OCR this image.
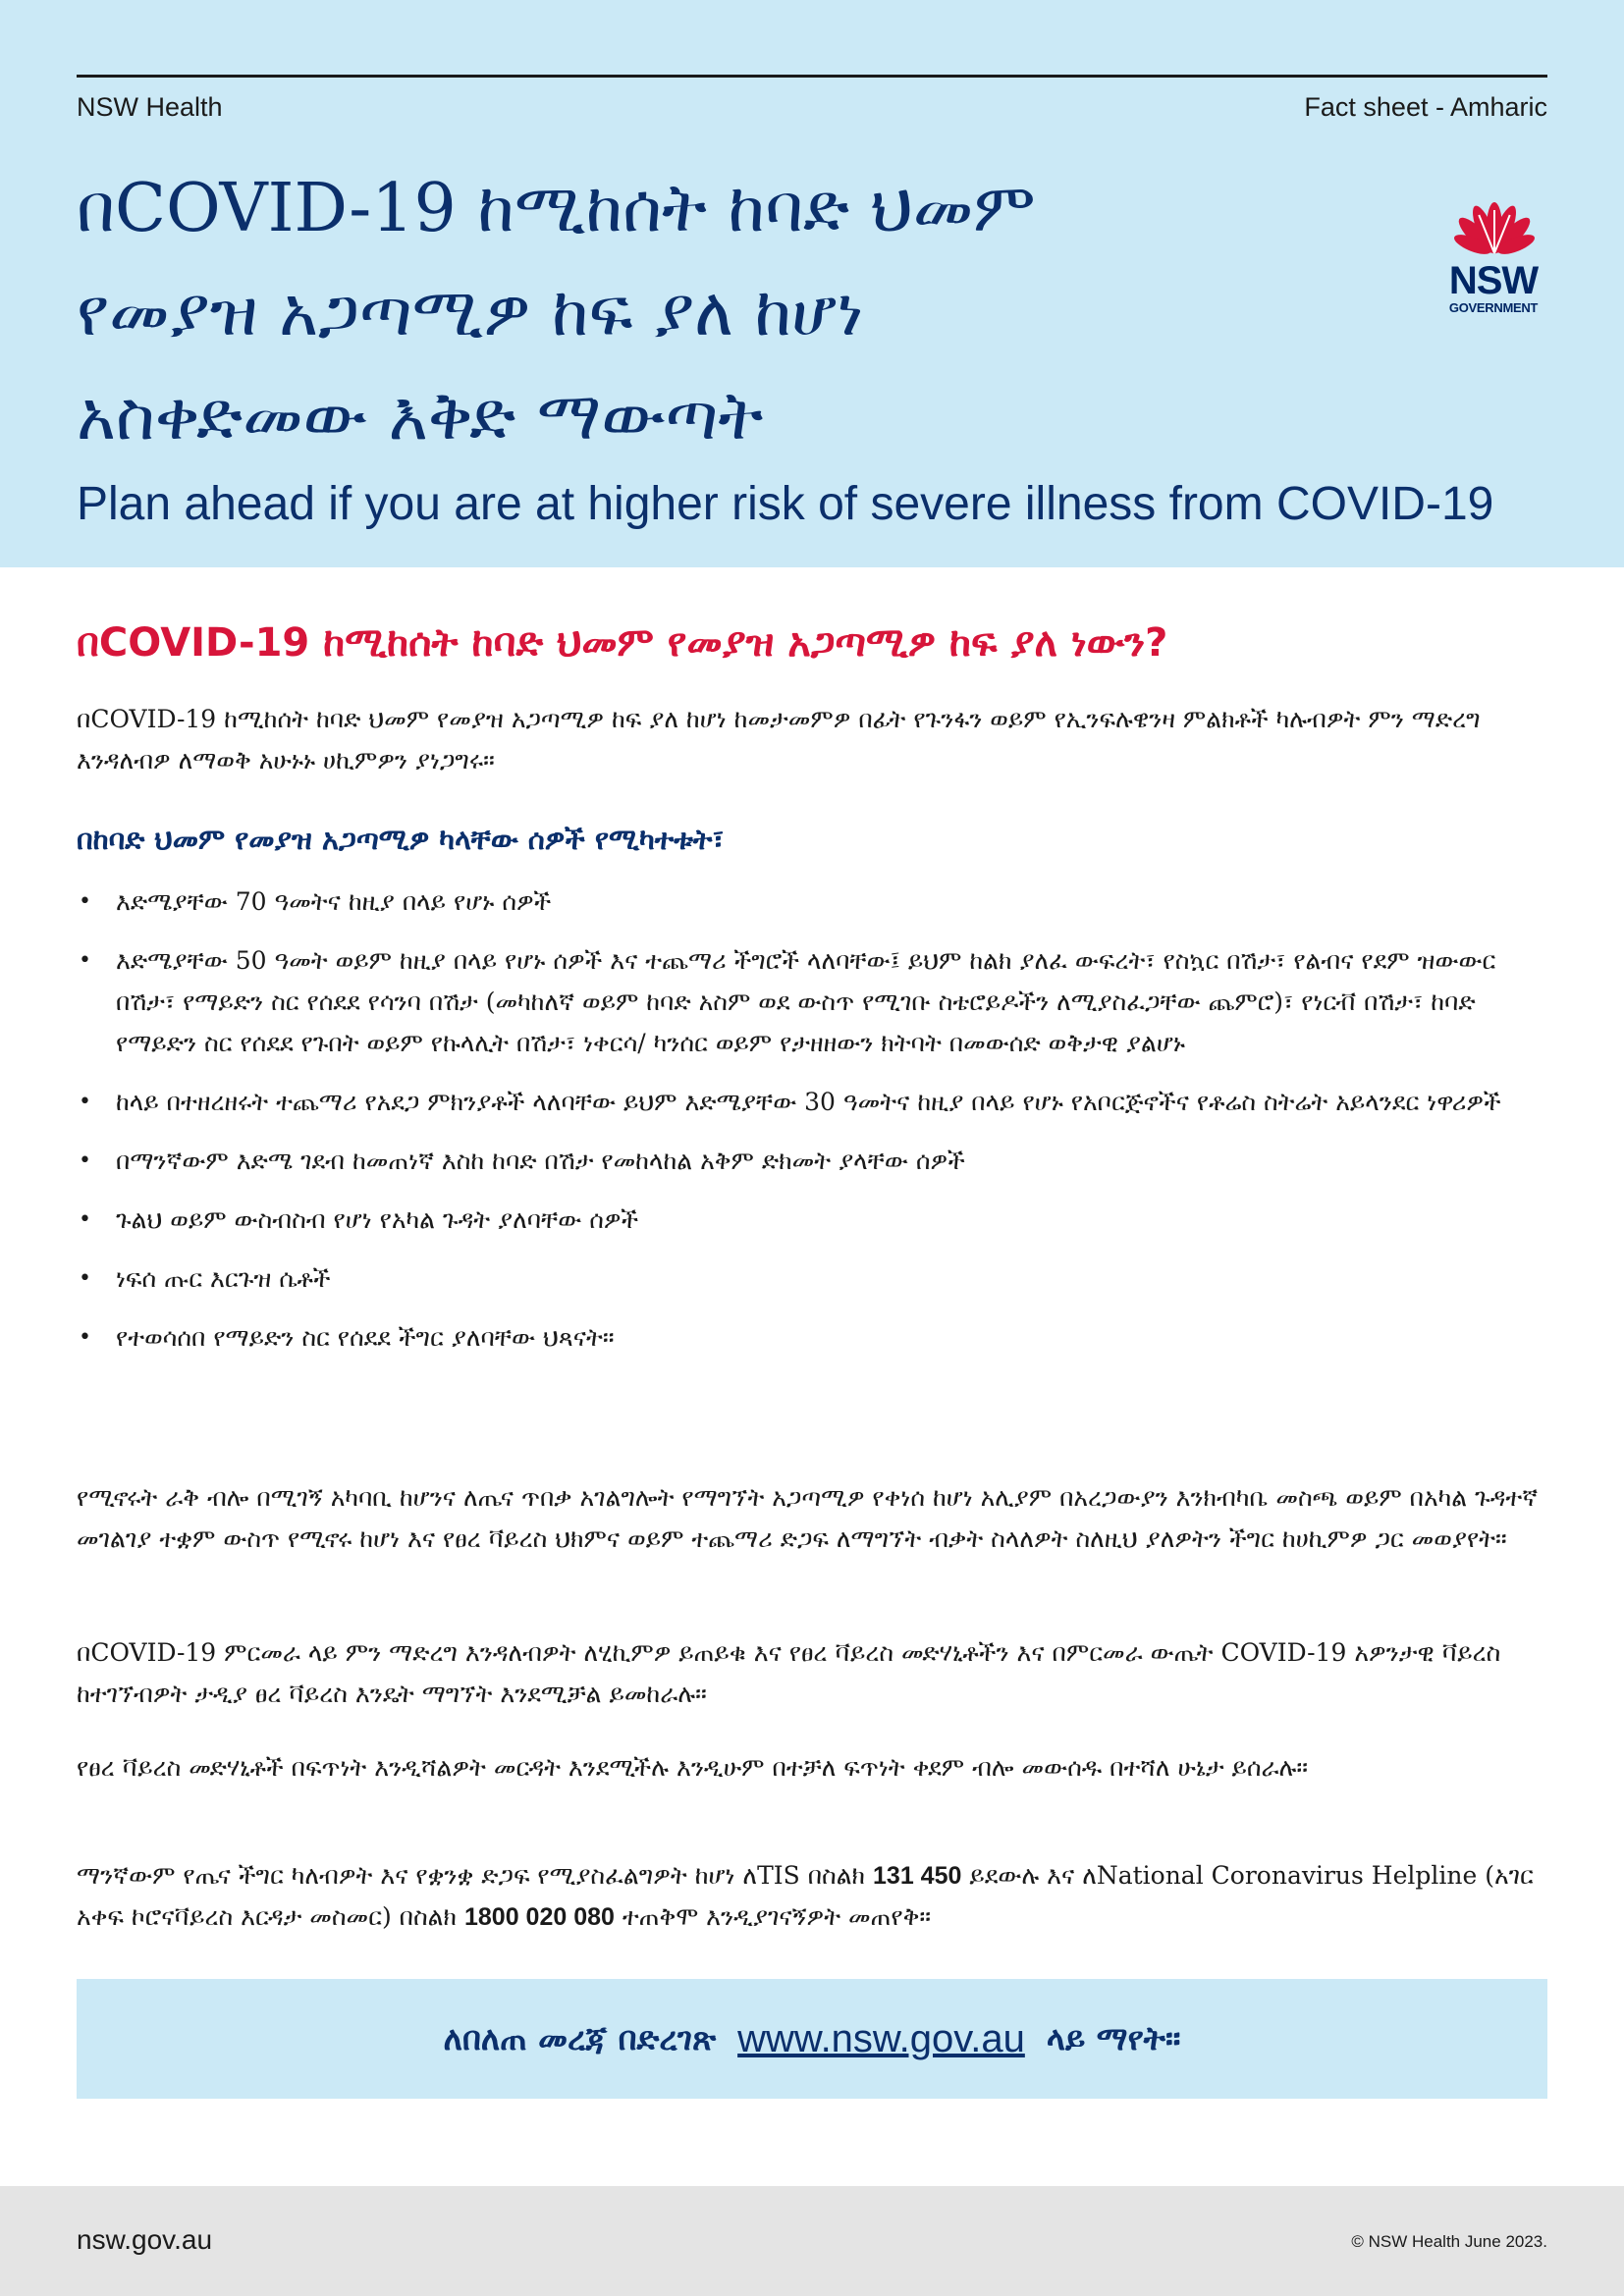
NSW Health	Fact sheet - Amharic
በCOVID-19 ከሚከሰት ከባድ ህመም
የመያዝ አጋጣሚዎ ከፍ ያለ ከሆነ
አስቀድመው እቅድ ማውጣት
Plan ahead if you are at higher risk of severe illness from COVID-19
NSW
GOVERNMENT
በCOVID-19 ከሚከሰት ከባድ ህመም የመያዝ አጋጣሚዎ ከፍ ያለ ነውን?
በCOVID-19 ከሚከሰት ከባድ ህመም የመያዝ አጋጣሚዎ ከፍ ያለ ከሆነ ከመታመምዎ በፊት የጉንፋን ወይም የኢንፍሉዌንዛ ምልክቶች ካሉብዎት ምን ማድረግ እንዳለብዎ ለማወቅ አሁኑኑ ሀኪምዎን ያነጋግሩ።
በከባድ ህመም የመያዝ አጋጣሚዎ ካላቸው ሰዎች የሚካተቱት፣
• እድሜያቸው 70 ዓመትና ከዚያ በላይ የሆኑ ሰዎች
• እድሜያቸው 50 ዓመት ወይም ከዚያ በላይ የሆኑ ሰዎች እና ተጨማሪ ችግሮች ላለባቸው፤ ይህም ከልክ ያለፈ ውፍረት፣ የስኳር በሽታ፣ የልብና የደም ዝውውር በሽታ፣ የማይድን ስር የሰደደ የሳንባ በሽታ (መካከለኛ ወይም ከባድ አስም ወደ ውስጥ የሚገቡ ስቴሮይዶችን ለሚያስፈጋቸው ጨምሮ)፣ የነርቭ በሽታ፣ ከባድ የማይድን ስር የሰደደ የጉበት ወይም የኩላሊት በሽታ፣ ነቀርሳ/ ካንሰር ወይም የታዘዘውን ክትባት በመውሰድ ወቅታዊ ያልሆኑ
• ከላይ በተዘረዘሩት ተጨማሪ የአደጋ ምክንያቶች ላለባቸው ይህም እድሜያቸው 30 ዓመትና ከዚያ በላይ የሆኑ የአቦርጅኖችና የቶሬስ ስትሬት አይላንደር ነዋሪዎች
• በማንኛውም እድሜ ገደብ ከመጠነኛ እስከ ከባድ በሽታ የመከላከል አቅም ድክመት ያላቸው ሰዎች
• ጉልህ ወይም ውስብስብ የሆነ የአካል ጉዳት ያለባቸው ሰዎች
• ነፍሰ ጡር እርጉዝ ሴቶች
• የተወሳሰበ የማይድን ስር የሰደደ ችግር ያለባቸው ህጻናት።
የሚኖሩት ራቅ ብሎ በሚገኝ አካባቢ ከሆንና ለጤና ጥበቃ አገልግሎት የማግኘት አጋጣሚዎ የቀነሰ ከሆነ አሊያም በአረጋውያን እንክብካቤ መስጫ ወይም በአካል ጉዳተኛ መገልገያ ተቋም ውስጥ የሚኖሩ ከሆነ እና የፀረ ቫይረስ ህክምና ወይም ተጨማሪ ድጋፍ ለማግኘት ብቃት ስላለዎት ስለዚህ ያለዎትን ችግር ከሀኪምዎ ጋር መወያየት።
በCOVID-19 ምርመራ ላይ ምን ማድረግ እንዳለብዎት ለሂኪምዎ ይጠይቁ እና የፀረ ቫይረስ መድሃኒቶችን እና በምርመራ ውጤት COVID-19 አዎንታዊ ቫይረስ ከተገኘብዎት ታዲያ ፀረ ቫይረስ እንዴት ማግኘት እንደሚቻል ይመከራሉ።
የፀረ ቫይረስ መድሃኒቶች በፍጥነት እንዲሻልዎት መርዳት እንደሚችሉ እንዲሁም በተቻለ ፍጥነት ቀደም ብሎ መውሰዱ በተሻለ ሁኔታ ይሰራሉ።
ማንኛውም የጤና ችግር ካለብዎት እና የቋንቋ ድጋፍ የሚያስፈልግዎት ከሆነ ለTIS በስልክ 131 450 ይደውሉ እና ለNational Coronavirus Helpline (አገር አቀፍ ኮሮናቫይረስ እርዳታ መስመር) በስልክ 1800 020 080 ተጠቅሞ እንዲያገናኝዎት መጠየቅ።
ለበለጠ መረጃ በድረገጽ www.nsw.gov.au ላይ ማየት።
nsw.gov.au	© NSW Health June 2023.
